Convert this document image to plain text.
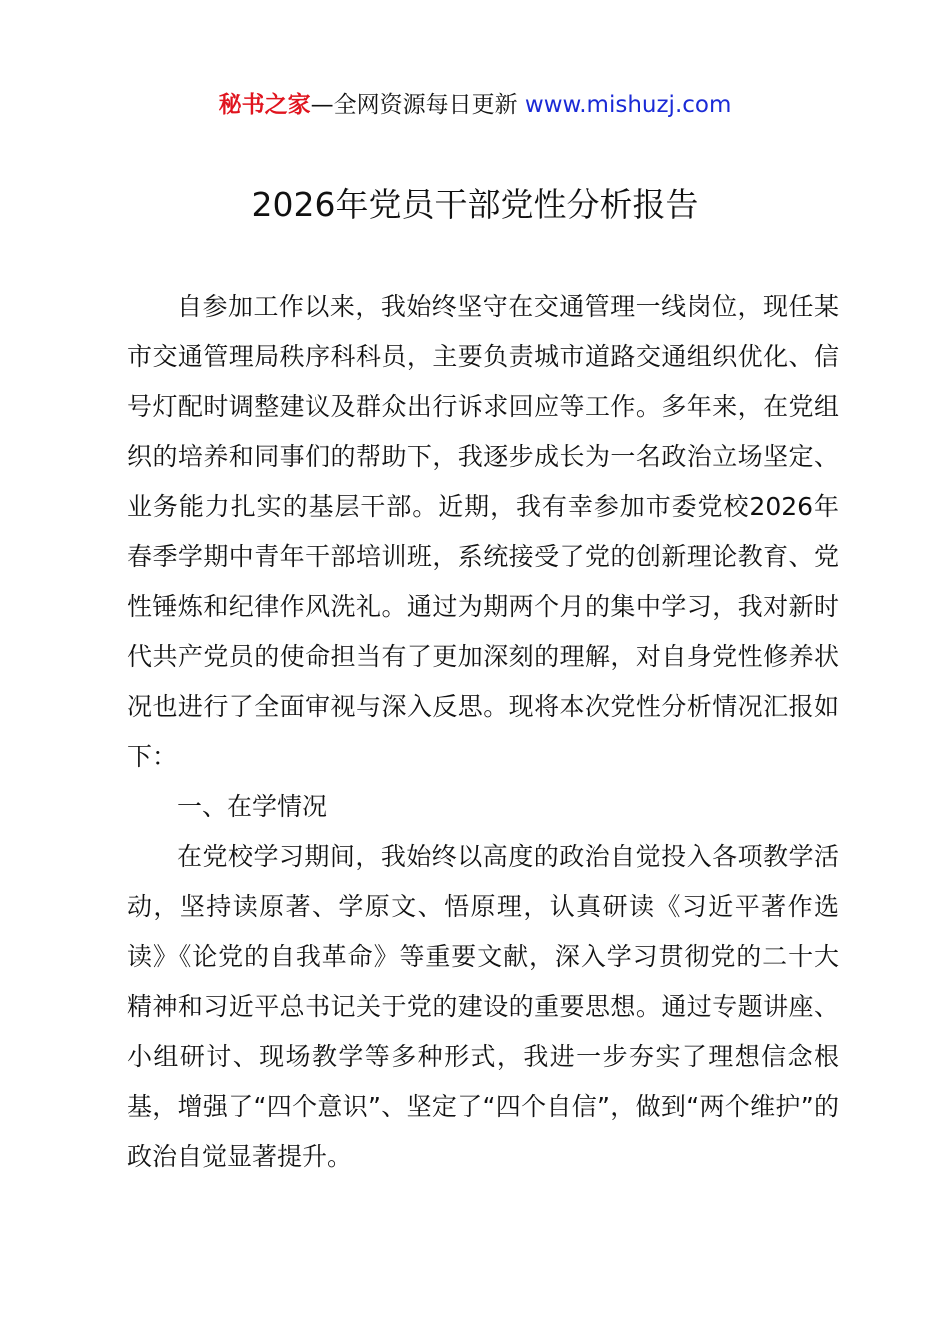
秘书之家—全网资源每日更新 www.mishuzj.com
2026年党员干部党性分析报告

自参加工作以来，我始终坚守在交通管理一线岗位，现任某市交通管理局秩序科科员，主要负责城市道路交通组织优化、信号灯配时调整建议及群众出行诉求回应等工作。多年来，在党组织的培养和同事们的帮助下，我逐步成长为一名政治立场坚定、业务能力扎实的基层干部。近期，我有幸参加市委党校2026年春季学期中青年干部培训班，系统接受了党的创新理论教育、党性锤炼和纪律作风洗礼。通过为期两个月的集中学习，我对新时代共产党员的使命担当有了更加深刻的理解，对自身党性修养状况也进行了全面审视与深入反思。现将本次党性分析情况汇报如下：

一、在学情况

在党校学习期间，我始终以高度的政治自觉投入各项教学活动，坚持读原著、学原文、悟原理，认真研读《习近平著作选读》《论党的自我革命》等重要文献，深入学习贯彻党的二十大精神和习近平总书记关于党的建设的重要思想。通过专题讲座、小组研讨、现场教学等多种形式，我进一步夯实了理想信念根基，增强了“四个意识”、坚定了“四个自信”，做到“两个维护”的政治自觉显著提升。
